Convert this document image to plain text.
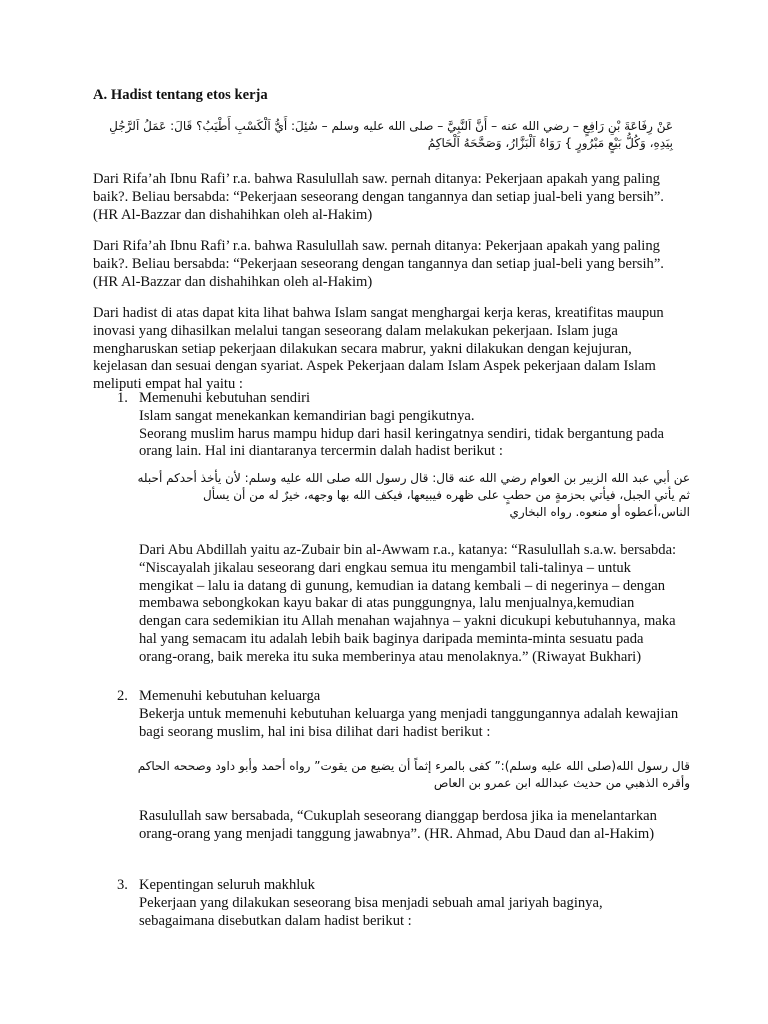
A. Hadist tentang etos kerja
عَنْ رِفَاعَةَ بْنِ رَافِعٍ – رضي الله عنه – أَنَّ اَلنَّبِيَّ – صلى الله عليه وسلم – سُئِلَ: أَيُّ اَلْكَسْبِ أَطْيَبُ؟ قَالَ: عَمَلُ اَلرَّجُلِ بِيَدِهِ، وَكُلُّ بَيْعٍ مَبْرُورٍ } رَوَاهُ اَلْبَزَّارُ، وَصَحَّحَهُ اَلْحَاكِمُ
Dari Rifa’ah Ibnu Rafi’ r.a. bahwa Rasulullah saw. pernah ditanya: Pekerjaan apakah yang paling baik?. Beliau bersabda: “Pekerjaan seseorang dengan tangannya dan setiap jual-beli yang bersih”. (HR Al-Bazzar dan dishahihkan oleh al-Hakim)
Dari Rifa’ah Ibnu Rafi’ r.a. bahwa Rasulullah saw. pernah ditanya: Pekerjaan apakah yang paling baik?. Beliau bersabda: “Pekerjaan seseorang dengan tangannya dan setiap jual-beli yang bersih”. (HR Al-Bazzar dan dishahihkan oleh al-Hakim)
Dari hadist di atas dapat kita lihat bahwa Islam sangat menghargai kerja keras, kreatifitas maupun inovasi yang dihasilkan melalui tangan seseorang dalam melakukan pekerjaan. Islam juga mengharuskan setiap pekerjaan dilakukan secara mabrur, yakni dilakukan dengan kejujuran, kejelasan dan sesuai dengan syariat. Aspek Pekerjaan dalam Islam Aspek pekerjaan dalam Islam meliputi empat hal yaitu :
1. Memenuhi kebutuhan sendiri
Islam sangat menekankan kemandirian bagi pengikutnya.
Seorang muslim harus mampu hidup dari hasil keringatnya sendiri, tidak bergantung pada orang lain. Hal ini diantaranya tercermin dalah hadist berikut :
عن أبي عبد الله الزبير بن العوام رضي الله عنه قال: قال رسول الله صلى الله عليه وسلم: لأن يأخذ أحدكم أحبله ثم يأتي الجبل، فيأتي بحزمةٍ من حطبٍ على ظهره فيبيعها، فيكف الله بها وجهه، خيرٌ له من أن يسأل الناس،أعطوه أو منعوه. رواه البخاري
Dari Abu Abdillah yaitu az-Zubair bin al-Awwam r.a., katanya: “Rasulullah s.a.w. bersabda: “Niscayalah jikalau seseorang dari engkau semua itu mengambil tali-talinya – untuk mengikat – lalu ia datang di gunung, kemudian ia datang kembali – di negerinya – dengan membawa sebongkokan kayu bakar di atas punggungnya, lalu menjualnya,kemudian dengan cara sedemikian itu Allah menahan wajahnya – yakni dicukupi kebutuhannya, maka hal yang semacam itu adalah lebih baik baginya daripada meminta-minta sesuatu pada orang-orang, baik mereka itu suka memberinya atau menolaknya.” (Riwayat Bukhari)
2. Memenuhi kebutuhan keluarga
Bekerja untuk memenuhi kebutuhan keluarga yang menjadi tanggungannya adalah kewajian bagi seorang muslim, hal ini bisa dilihat dari hadist berikut :
قال رسول الله(صلى الله عليه وسلم):” كفى بالمرء إثماً أن يضيع من يقوت” رواه أحمد وأبو داود وصححه الحاكم وأقره الذهبي من حديث عبدالله ابن عمرو بن العاص
Rasulullah saw bersabada, “Cukuplah seseorang dianggap berdosa jika ia menelantarkan orang-orang yang menjadi tanggung jawabnya”. (HR. Ahmad, Abu Daud dan al-Hakim)
3. Kepentingan seluruh makhluk
Pekerjaan yang dilakukan seseorang bisa menjadi sebuah amal jariyah baginya, sebagaimana disebutkan dalam hadist berikut :
